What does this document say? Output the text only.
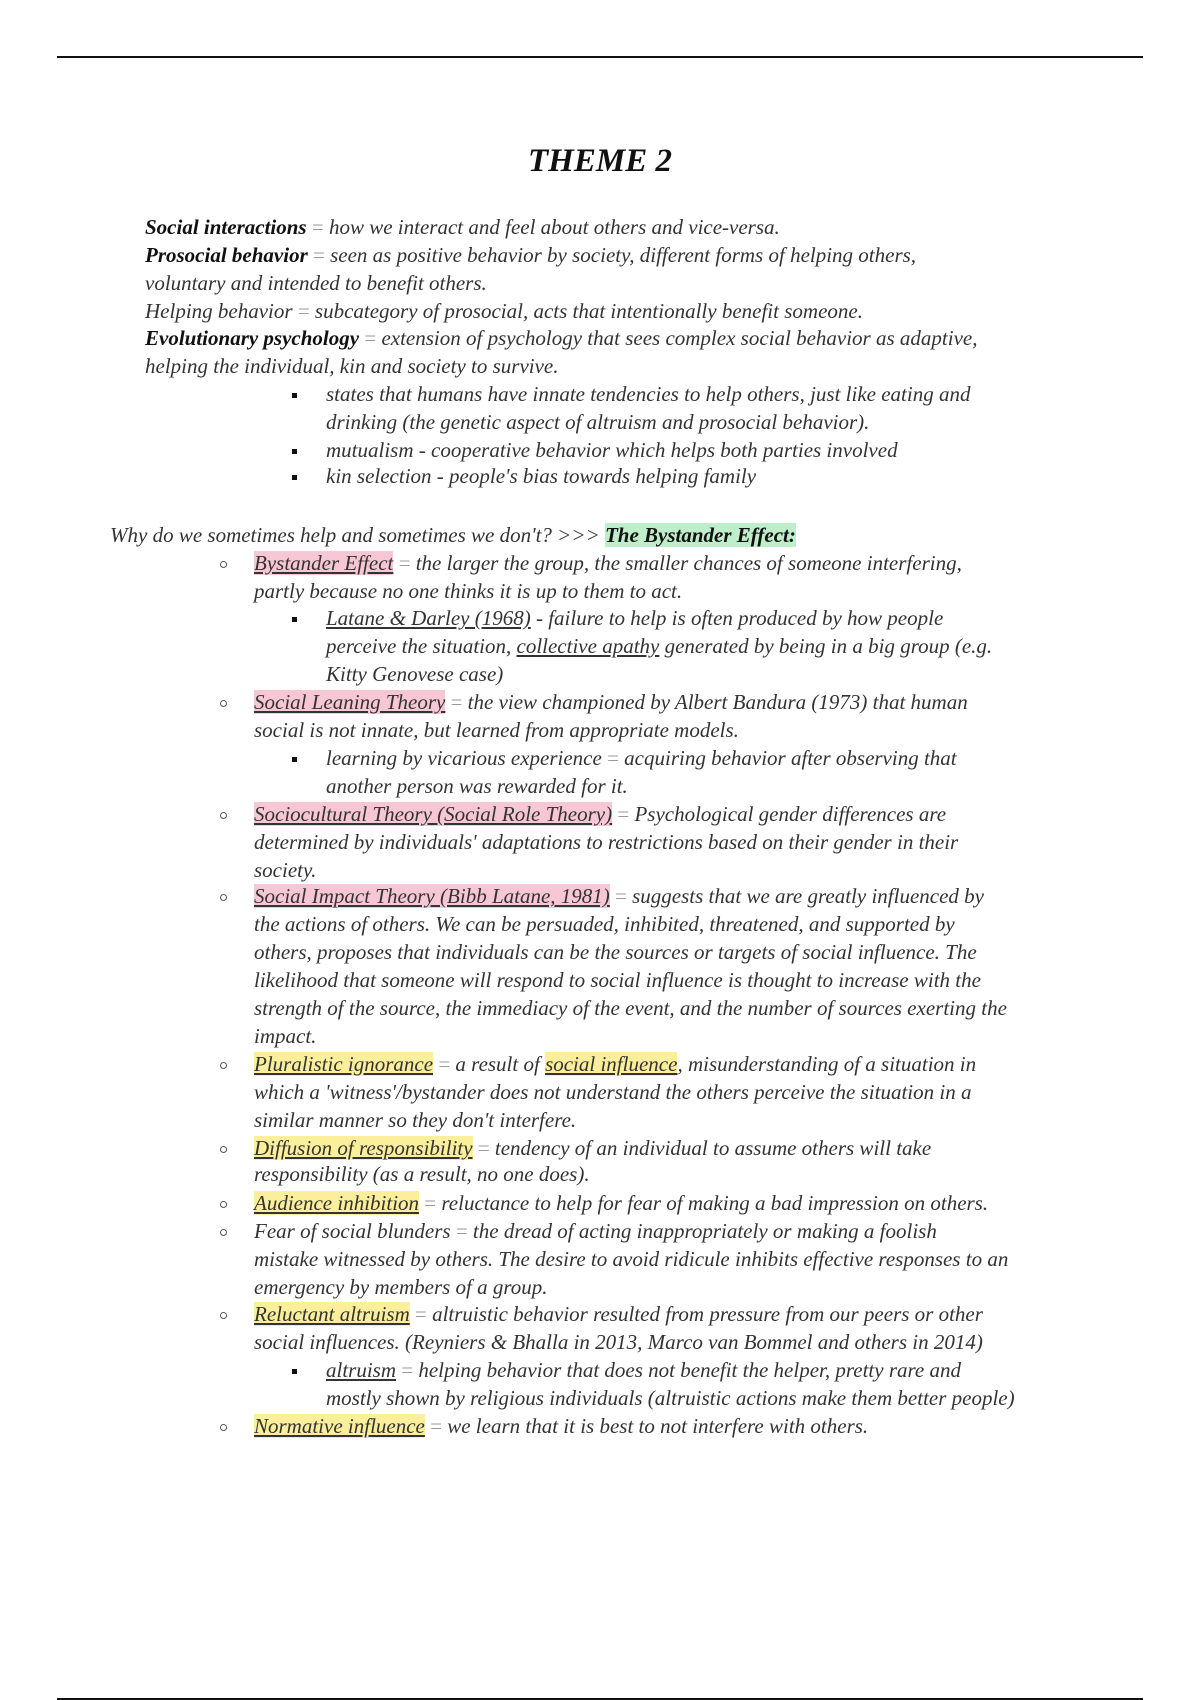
THEME 2
Social interactions = how we interact and feel about others and vice-versa.
Prosocial behavior = seen as positive behavior by society, different forms of helping others,
voluntary and intended to benefit others.
Helping behavior = subcategory of prosocial, acts that intentionally benefit someone.
Evolutionary psychology = extension of psychology that sees complex social behavior as adaptive,
helping the individual, kin and society to survive.
states that humans have innate tendencies to help others, just like eating and
drinking (the genetic aspect of altruism and prosocial behavior).
mutualism - cooperative behavior which helps both parties involved
kin selection - people's bias towards helping family
Why do we sometimes help and sometimes we don't? >>> The Bystander Effect:
Bystander Effect = the larger the group, the smaller chances of someone interfering,
partly because no one thinks it is up to them to act.
Latane & Darley (1968) - failure to help is often produced by how people
perceive the situation, collective apathy generated by being in a big group (e.g.
Kitty Genovese case)
Social Leaning Theory = the view championed by Albert Bandura (1973) that human
social is not innate, but learned from appropriate models.
learning by vicarious experience = acquiring behavior after observing that
another person was rewarded for it.
Sociocultural Theory (Social Role Theory) = Psychological gender differences are
determined by individuals' adaptations to restrictions based on their gender in their
society.
Social Impact Theory (Bibb Latane, 1981) = suggests that we are greatly influenced by
the actions of others. We can be persuaded, inhibited, threatened, and supported by
others, proposes that individuals can be the sources or targets of social influence. The
likelihood that someone will respond to social influence is thought to increase with the
strength of the source, the immediacy of the event, and the number of sources exerting the
impact.
Pluralistic ignorance = a result of social influence, misunderstanding of a situation in
which a 'witness'/bystander does not understand the others perceive the situation in a
similar manner so they don't interfere.
Diffusion of responsibility = tendency of an individual to assume others will take
responsibility (as a result, no one does).
Audience inhibition = reluctance to help for fear of making a bad impression on others.
Fear of social blunders = the dread of acting inappropriately or making a foolish
mistake witnessed by others. The desire to avoid ridicule inhibits effective responses to an
emergency by members of a group.
Reluctant altruism = altruistic behavior resulted from pressure from our peers or other
social influences. (Reyniers & Bhalla in 2013, Marco van Bommel and others in 2014)
altruism = helping behavior that does not benefit the helper, pretty rare and
mostly shown by religious individuals (altruistic actions make them better people)
Normative influence = we learn that it is best to not interfere with others.
